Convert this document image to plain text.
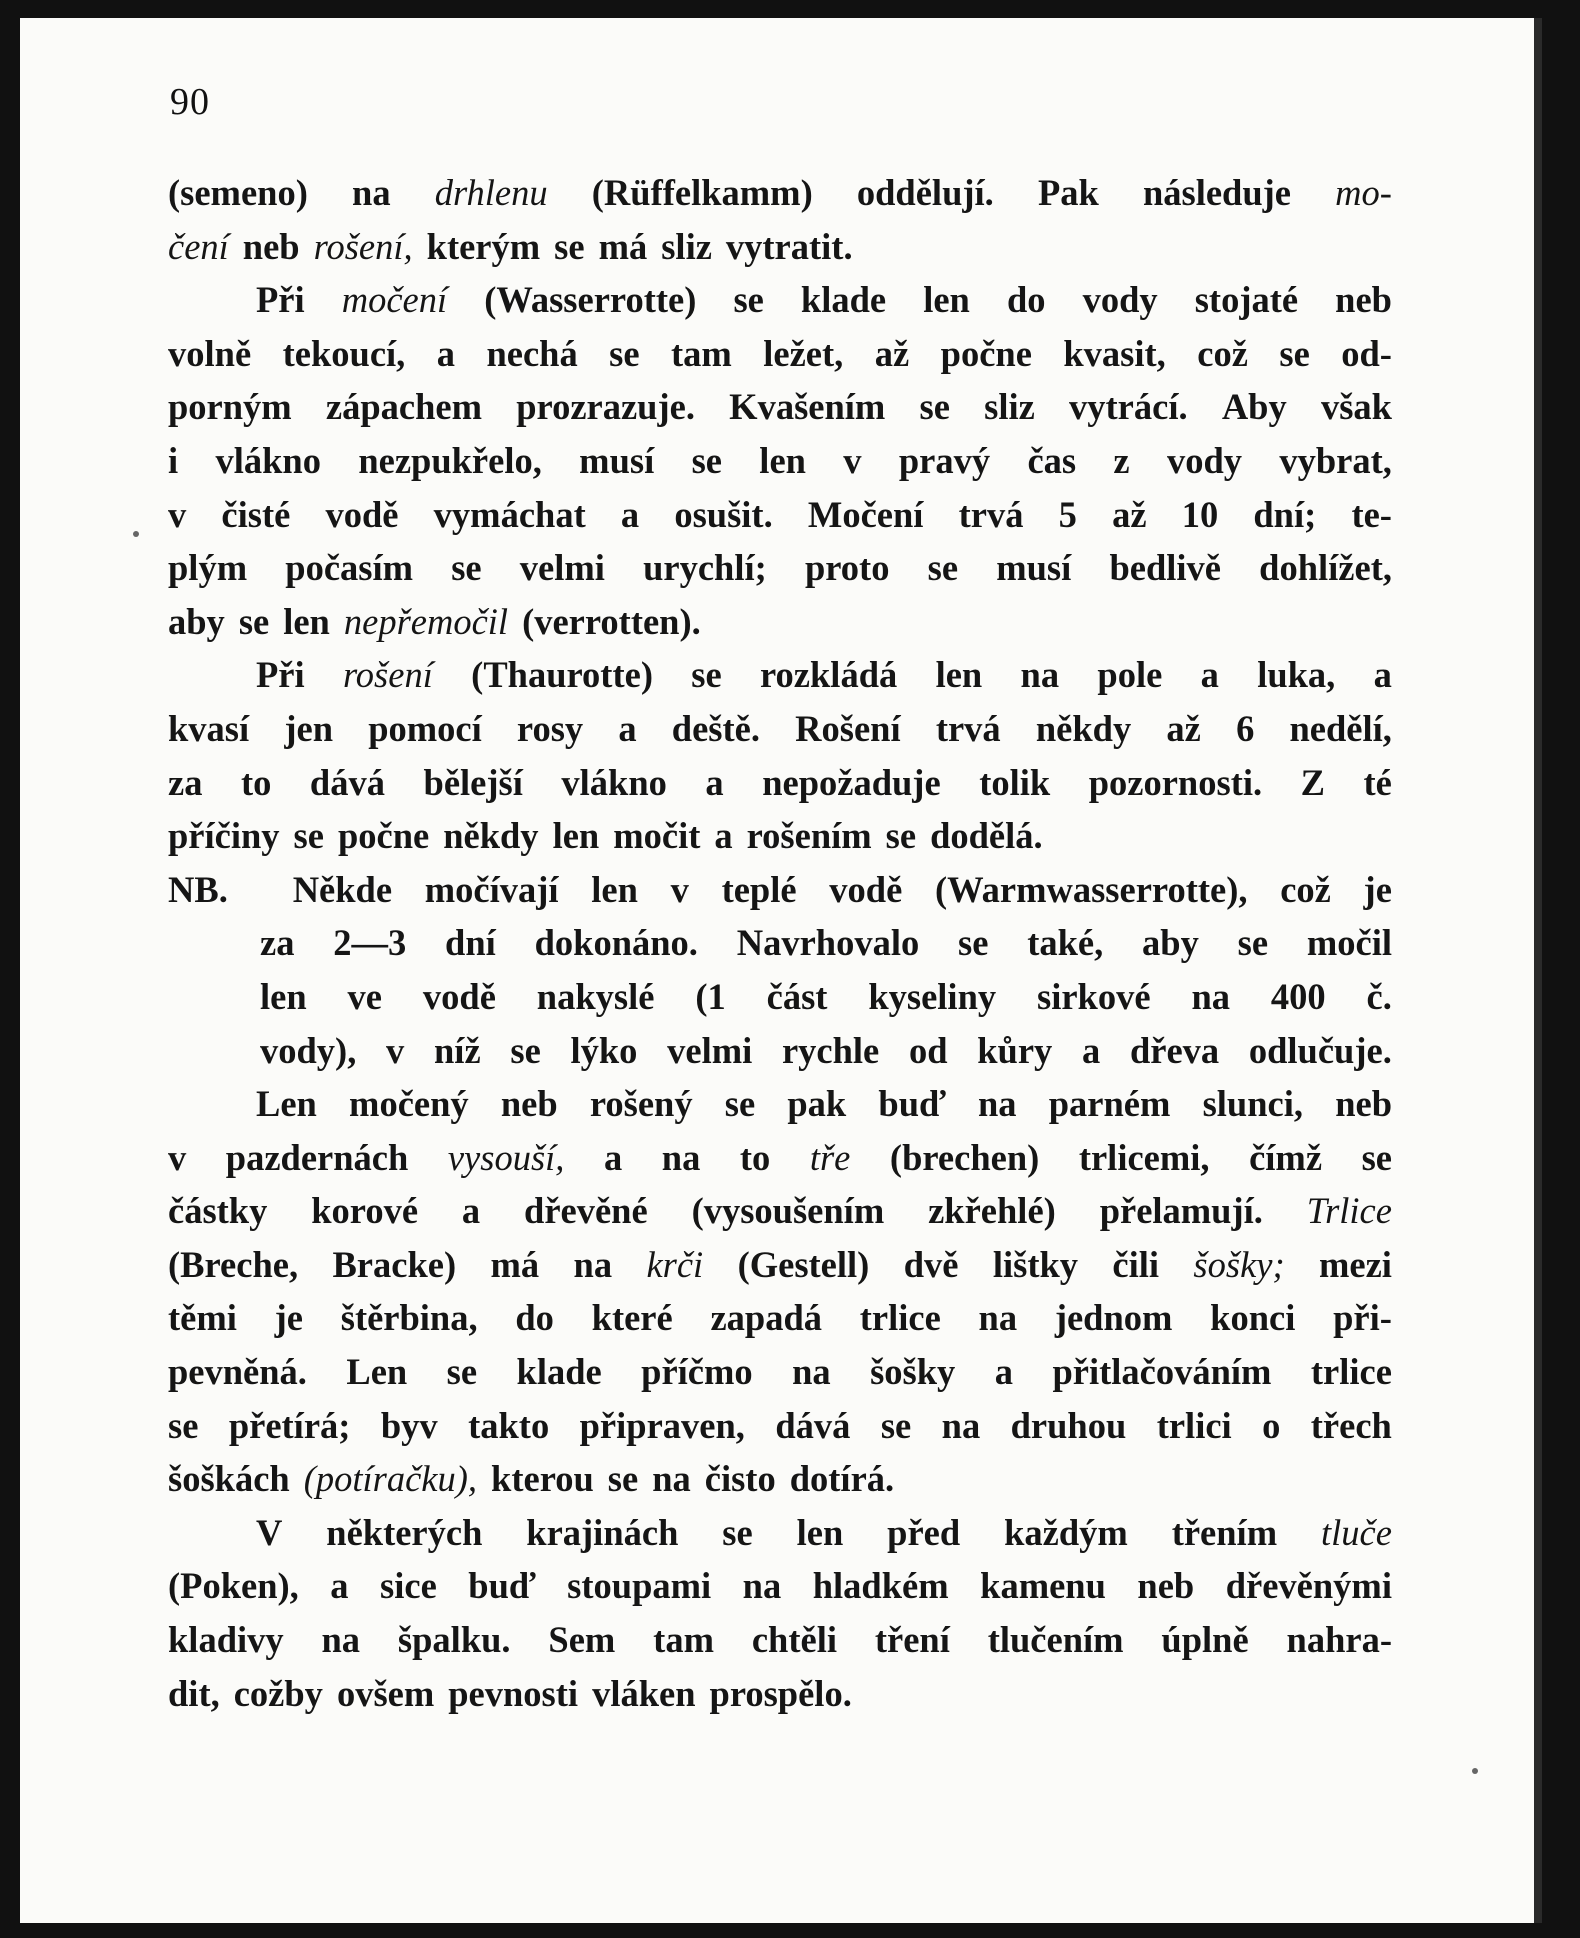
90

(semeno) na drhlenu (Rüffelkamm) oddělují. Pak následuje mo-
čení neb rošení, kterým se má sliz vytratit.
Při močení (Wasserrotte) se klade len do vody stojaté neb
volně tekoucí, a nechá se tam ležet, až počne kvasit, což se od-
porným zápachem prozrazuje. Kvašením se sliz vytrácí. Aby však
i vlákno nezpukřelo, musí se len v pravý čas z vody vybrat,
v čisté vodě vymáchat a osušit. Močení trvá 5 až 10 dní; te-
plým počasím se velmi urychlí; proto se musí bedlivě dohlížet,
aby se len nepřemočil (verrotten).
Při rošení (Thaurotte) se rozkládá len na pole a luka, a
kvasí jen pomocí rosy a deště. Rošení trvá někdy až 6 nedělí,
za to dává bělejší vlákno a nepožaduje tolik pozornosti. Z té
příčiny se počne někdy len močit a rošením se dodělá.
NB.	Někde močívají len v teplé vodě (Warmwasserrotte), což je
za 2—3 dní dokonáno. Navrhovalo se také, aby se močil
len ve vodě nakyslé (1 část kyseliny sirkové na 400 č.
vody), v níž se lýko velmi rychle od kůry a dřeva odlučuje.
Len močený neb rošený se pak buď na parném slunci, neb
v pazdernách vysouší, a na to tře (brechen) trlicemi, čímž se
částky korové a dřevěné (vysoušením zkřehlé) přelamují. Trlice
(Breche, Bracke) má na krči (Gestell) dvě lištky čili šošky; mezi
těmi je štěrbina, do které zapadá trlice na jednom konci při-
pevněná. Len se klade příčmo na šošky a přitlačováním trlice
se přetírá; byv takto připraven, dává se na druhou trlici o třech
šoškách (potíračku), kterou se na čisto dotírá.
V některých krajinách se len před každým třením tluče
(Poken), a sice buď stoupami na hladkém kamenu neb dřevěnými
kladivy na špalku. Sem tam chtěli tření tlučením úplně nahra-
dit, cožby ovšem pevnosti vláken prospělo.
